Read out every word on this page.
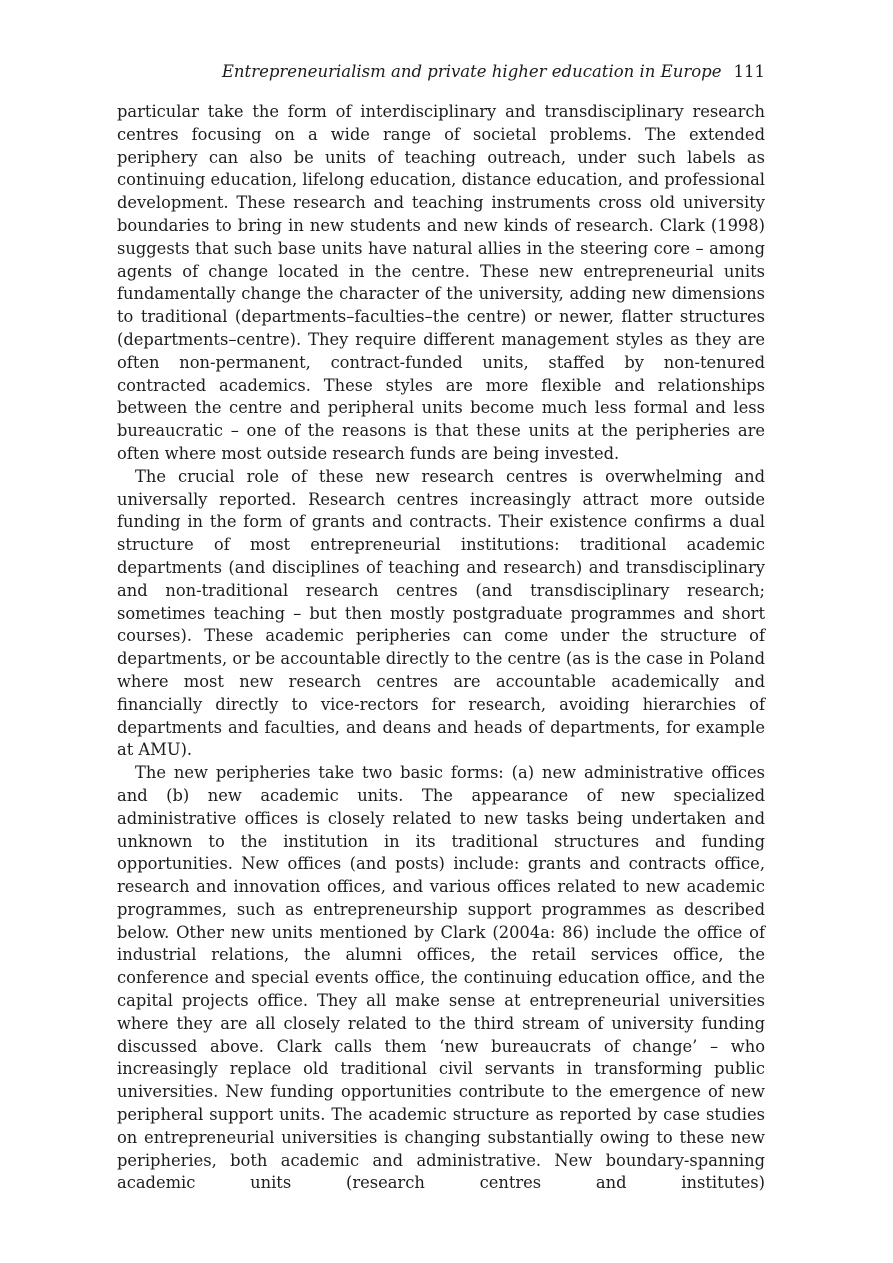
Entrepreneurialism and private higher education in Europe 111

particular take the form of interdisciplinary and transdisciplinary research centres focusing on a wide range of societal problems. The extended periphery can also be units of teaching outreach, under such labels as continuing education, lifelong education, distance education, and professional development. These research and teaching instruments cross old university boundaries to bring in new students and new kinds of research. Clark (1998) suggests that such base units have natural allies in the steering core – among agents of change located in the centre. These new entrepreneurial units fundamentally change the character of the university, adding new dimensions to traditional (departments–faculties–the centre) or newer, flatter structures (departments–centre). They require different management styles as they are often non-permanent, contract-funded units, staffed by non-tenured contracted academics. These styles are more flexible and relationships between the centre and peripheral units become much less formal and less bureaucratic – one of the reasons is that these units at the peripheries are often where most outside research funds are being invested.

The crucial role of these new research centres is overwhelming and universally reported. Research centres increasingly attract more outside funding in the form of grants and contracts. Their existence confirms a dual structure of most entrepreneurial institutions: traditional academic departments (and disciplines of teaching and research) and transdisciplinary and non-traditional research centres (and transdisciplinary research; sometimes teaching – but then mostly postgraduate programmes and short courses). These academic peripheries can come under the structure of departments, or be accountable directly to the centre (as is the case in Poland where most new research centres are accountable academically and financially directly to vice-rectors for research, avoiding hierarchies of departments and faculties, and deans and heads of departments, for example at AMU).

The new peripheries take two basic forms: (a) new administrative offices and (b) new academic units. The appearance of new specialized administrative offices is closely related to new tasks being undertaken and unknown to the institution in its traditional structures and funding opportunities. New offices (and posts) include: grants and contracts office, research and innovation offices, and various offices related to new academic programmes, such as entrepreneurship support programmes as described below. Other new units mentioned by Clark (2004a: 86) include the office of industrial relations, the alumni offices, the retail services office, the conference and special events office, the continuing education office, and the capital projects office. They all make sense at entrepreneurial universities where they are all closely related to the third stream of university funding discussed above. Clark calls them ‘new bureaucrats of change’ – who increasingly replace old traditional civil servants in transforming public universities. New funding opportunities contribute to the emergence of new peripheral support units. The academic structure as reported by case studies on entrepreneurial universities is changing substantially owing to these new peripheries, both academic and administrative. New boundary-spanning academic units (research centres and institutes)
